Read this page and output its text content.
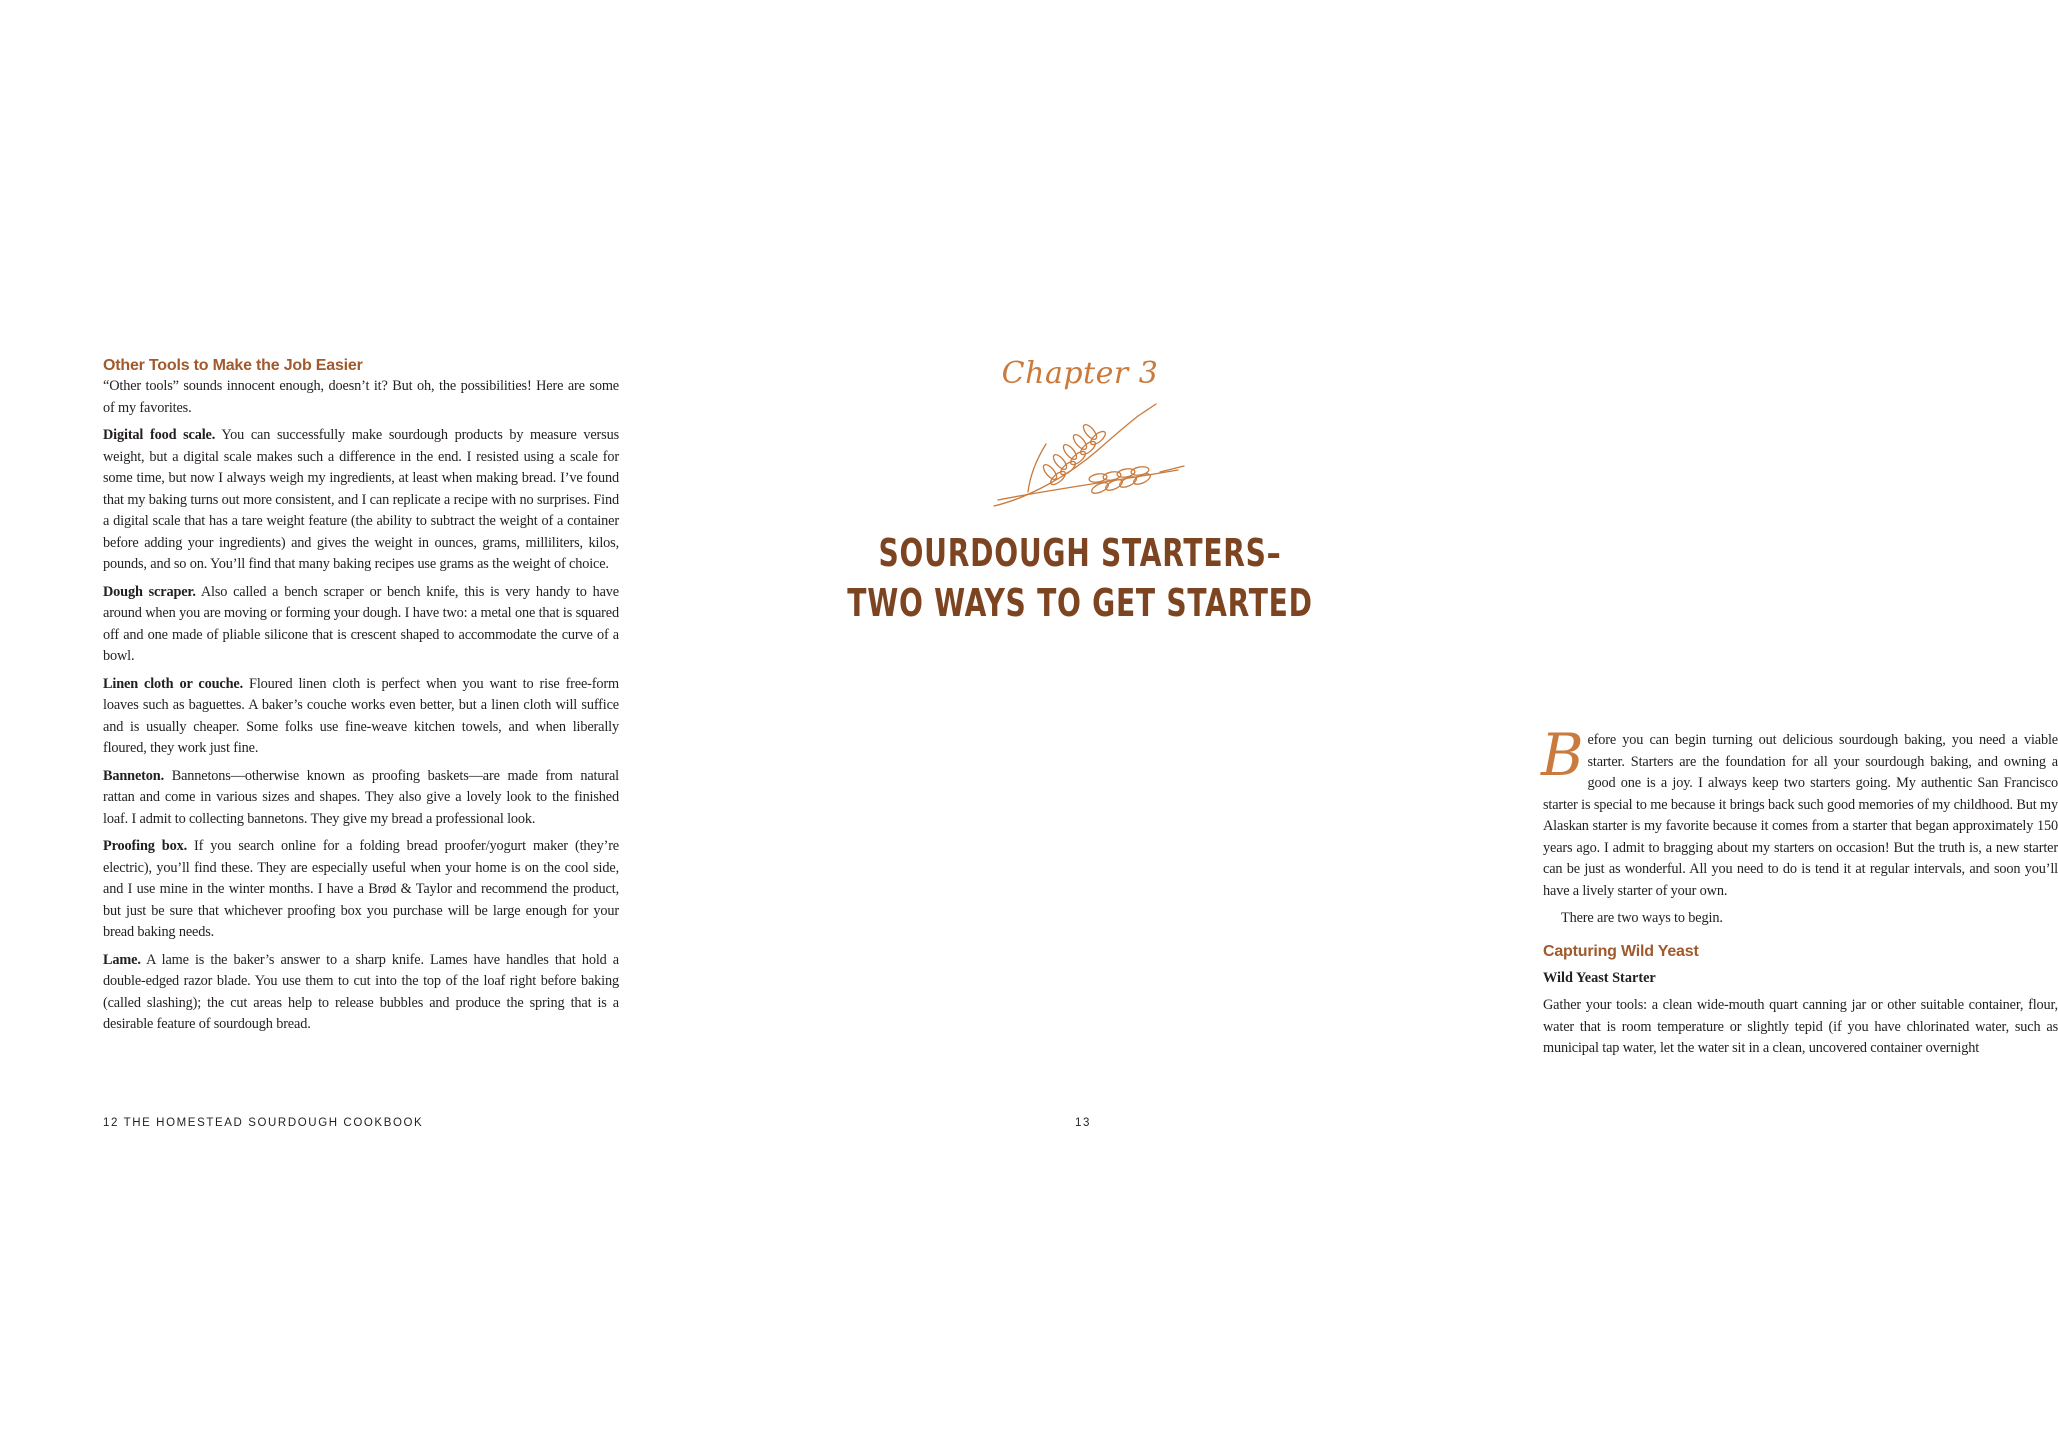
Other Tools to Make the Job Easier

“Other tools” sounds innocent enough, doesn’t it? But oh, the possibilities! Here are some of my favorites.

Digital food scale. You can successfully make sourdough products by measure versus weight, but a digital scale makes such a difference in the end. I resisted using a scale for some time, but now I always weigh my ingredients, at least when making bread. I’ve found that my baking turns out more consistent, and I can replicate a recipe with no surprises. Find a digital scale that has a tare weight feature (the ability to subtract the weight of a container before adding your ingredients) and gives the weight in ounces, grams, milliliters, kilos, pounds, and so on. You’ll find that many baking recipes use grams as the weight of choice.

Dough scraper. Also called a bench scraper or bench knife, this is very handy to have around when you are moving or forming your dough. I have two: a metal one that is squared off and one made of pliable silicone that is crescent shaped to accommodate the curve of a bowl.

Linen cloth or couche. Floured linen cloth is perfect when you want to rise free-form loaves such as baguettes. A baker’s couche works even better, but a linen cloth will suffice and is usually cheaper. Some folks use fine-weave kitchen towels, and when liberally floured, they work just fine.

Banneton. Bannetons—otherwise known as proofing baskets—are made from natural rattan and come in various sizes and shapes. They also give a lovely look to the finished loaf. I admit to collecting bannetons. They give my bread a professional look.

Proofing box. If you search online for a folding bread proofer/yogurt maker (they’re electric), you’ll find these. They are especially useful when your home is on the cool side, and I use mine in the winter months. I have a Brød & Taylor and recommend the product, but just be sure that whichever proofing box you purchase will be large enough for your bread baking needs.

Lame. A lame is the baker’s answer to a sharp knife. Lames have handles that hold a double-edged razor blade. You use them to cut into the top of the loaf right before baking (called slashing); the cut areas help to release bubbles and produce the spring that is a desirable feature of sourdough bread.

12 THE HOMESTEAD SOURDOUGH COOKBOOK
Chapter 3
SOURDOUGH STARTERS–
TWO WAYS TO GET STARTED

Before you can begin turning out delicious sourdough baking, you need a viable starter. Starters are the foundation for all your sourdough baking, and owning a good one is a joy. I always keep two starters going. My authentic San Francisco starter is special to me because it brings back such good memories of my childhood. But my Alaskan starter is my favorite because it comes from a starter that began approximately 150 years ago. I admit to bragging about my starters on occasion! But the truth is, a new starter can be just as wonderful. All you need to do is tend it at regular intervals, and soon you’ll have a lively starter of your own.

There are two ways to begin.

Capturing Wild Yeast

Wild Yeast Starter

Gather your tools: a clean wide-mouth quart canning jar or other suitable container, flour, water that is room temperature or slightly tepid (if you have chlorinated water, such as municipal tap water, let the water sit in a clean, uncovered container overnight

13
